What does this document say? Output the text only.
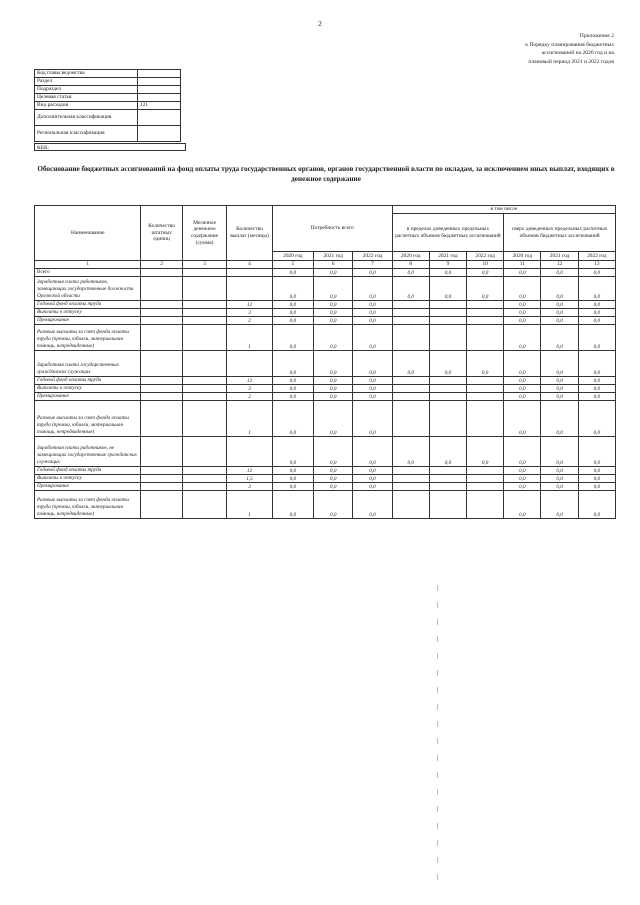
2
Приложение 2
к Порядку планирования бюджетных
ассигнований на 2020 год и на
плановый период 2021 и 2022 годов
Код главы ведомства	
Раздел	
Подраздел	
Целевая статья	
Вид расходов	121
Дополнительная классификация	
Региональная классификация	
КБК:
Обоснование бюджетных ассигнований на фонд оплаты труда государственных органов, органов государственной власти по окладам, за исключением иных выплат, входящих в денежное содержание
Наименование	Количество штатных единиц	Месячное денежное содержание (сумма)	Количество выплат (месяцы)	Потребность всего			в том числе					
							в пределах доведенных предельных расчетных объемов бюджетных ассигнований			сверх доведенных предельных расчетных объемов бюджетных ассигнований		
				2020 год	2021 год	2022 год	2020 год	2021 год	2022 год	2020 год	2021 год	2022 год
1	2	3	4	5	6	7	8	9	10	11	12	13
Всего				0,0	0,0	0,0	0,0	0,0	0,0	0,0	0,0	0,0
Заработная плата работников, замещающих государственные должности Орловской области				0,0	0,0	0,0	0,0	0,0	0,0	0,0	0,0	0,0
Годовой фонд оплаты труда			12	0,0	0,0	0,0				0,0	0,0	0,0
Выплаты к отпуску			3	0,0	0,0	0,0				0,0	0,0	0,0
Премирование			2	0,0	0,0	0,0				0,0	0,0	0,0
Разовые выплаты за счет фонда оплаты труда (премии, юбилеи, материальная помощь, непредвиденные)			1	0,0	0,0	0,0				0,0	0,0	0,0
Заработная плата государственных гражданских служащих				0,0	0,0	0,0	0,0	0,0	0,0	0,0	0,0	0,0
Годовой фонд оплаты труда			12	0,0	0,0	0,0				0,0	0,0	0,0
Выплаты к отпуску			3	0,0	0,0	0,0				0,0	0,0	0,0
Премирование			2	0,0	0,0	0,0				0,0	0,0	0,0
Разовые выплаты за счет фонда оплаты труда (премии, юбилеи, материальная помощь, непредвиденные)			1	0,0	0,0	0,0				0,0	0,0	0,0
Заработная плата работников, не замещающих государственные гражданских служащих				0,0	0,0	0,0	0,0	0,0	0,0	0,0	0,0	0,0
Годовой фонд оплаты труда			12	0,0	0,0	0,0				0,0	0,0	0,0
Выплаты к отпуску			1,5	0,0	0,0	0,0				0,0	0,0	0,0
Премирование			3	0,0	0,0	0,0				0,0	0,0	0,0
Разовые выплаты за счет фонда оплаты труда (премии, юбилеи, материальная помощь, непредвиденные)			1	0,0	0,0	0,0				0,0	0,0	0,0
